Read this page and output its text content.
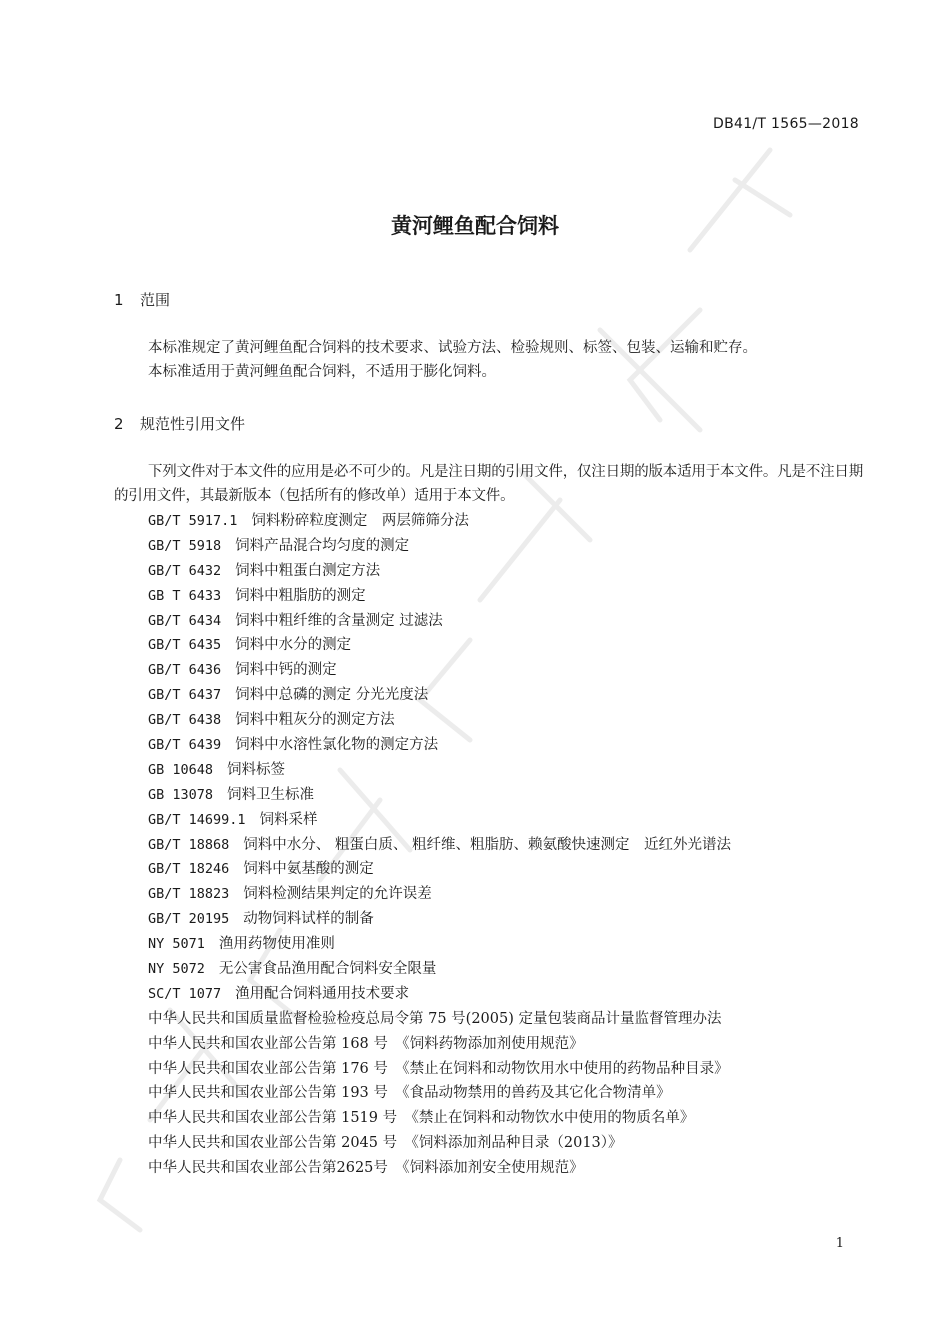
DB41/T 1565—2018
黄河鲤鱼配合饲料
1 范围

本标准规定了黄河鲤鱼配合饲料的技术要求、试验方法、检验规则、标签、包装、运输和贮存。

本标准适用于黄河鲤鱼配合饲料，不适用于膨化饲料。

2 规范性引用文件

下列文件对于本文件的应用是必不可少的。凡是注日期的引用文件，仅注日期的版本适用于本文件。凡是不注日期的引用文件，其最新版本（包括所有的修改单）适用于本文件。

GB/T 5917.1 饲料粉碎粒度测定　两层筛筛分法
GB/T 5918 饲料产品混合均匀度的测定
GB/T 6432 饲料中粗蛋白测定方法
GB T 6433 饲料中粗脂肪的测定
GB/T 6434 饲料中粗纤维的含量测定 过滤法
GB/T 6435 饲料中水分的测定
GB/T 6436 饲料中钙的测定
GB/T 6437 饲料中总磷的测定 分光光度法
GB/T 6438 饲料中粗灰分的测定方法
GB/T 6439 饲料中水溶性氯化物的测定方法
GB 10648 饲料标签
GB 13078 饲料卫生标准
GB/T 14699.1 饲料采样
GB/T 18868 饲料中水分、 粗蛋白质、 粗纤维、粗脂肪、赖氨酸快速测定　近红外光谱法
GB/T 18246 饲料中氨基酸的测定
GB/T 18823 饲料检测结果判定的允许误差
GB/T 20195 动物饲料试样的制备
NY 5071 渔用药物使用准则
NY 5072 无公害食品渔用配合饲料安全限量
SC/T 1077 渔用配合饲料通用技术要求
中华人民共和国质量监督检验检疫总局令第 75 号(2005) 定量包装商品计量监督管理办法
中华人民共和国农业部公告第 168 号　《饲料药物添加剂使用规范》
中华人民共和国农业部公告第 176 号　《禁止在饲料和动物饮用水中使用的药物品种目录》
中华人民共和国农业部公告第 193 号　《食品动物禁用的兽药及其它化合物清单》
中华人民共和国农业部公告第 1519 号　《禁止在饲料和动物饮水中使用的物质名单》
中华人民共和国农业部公告第 2045 号　《饲料添加剂品种目录（2013）》
中华人民共和国农业部公告第2625号　《饲料添加剂安全使用规范》
1
